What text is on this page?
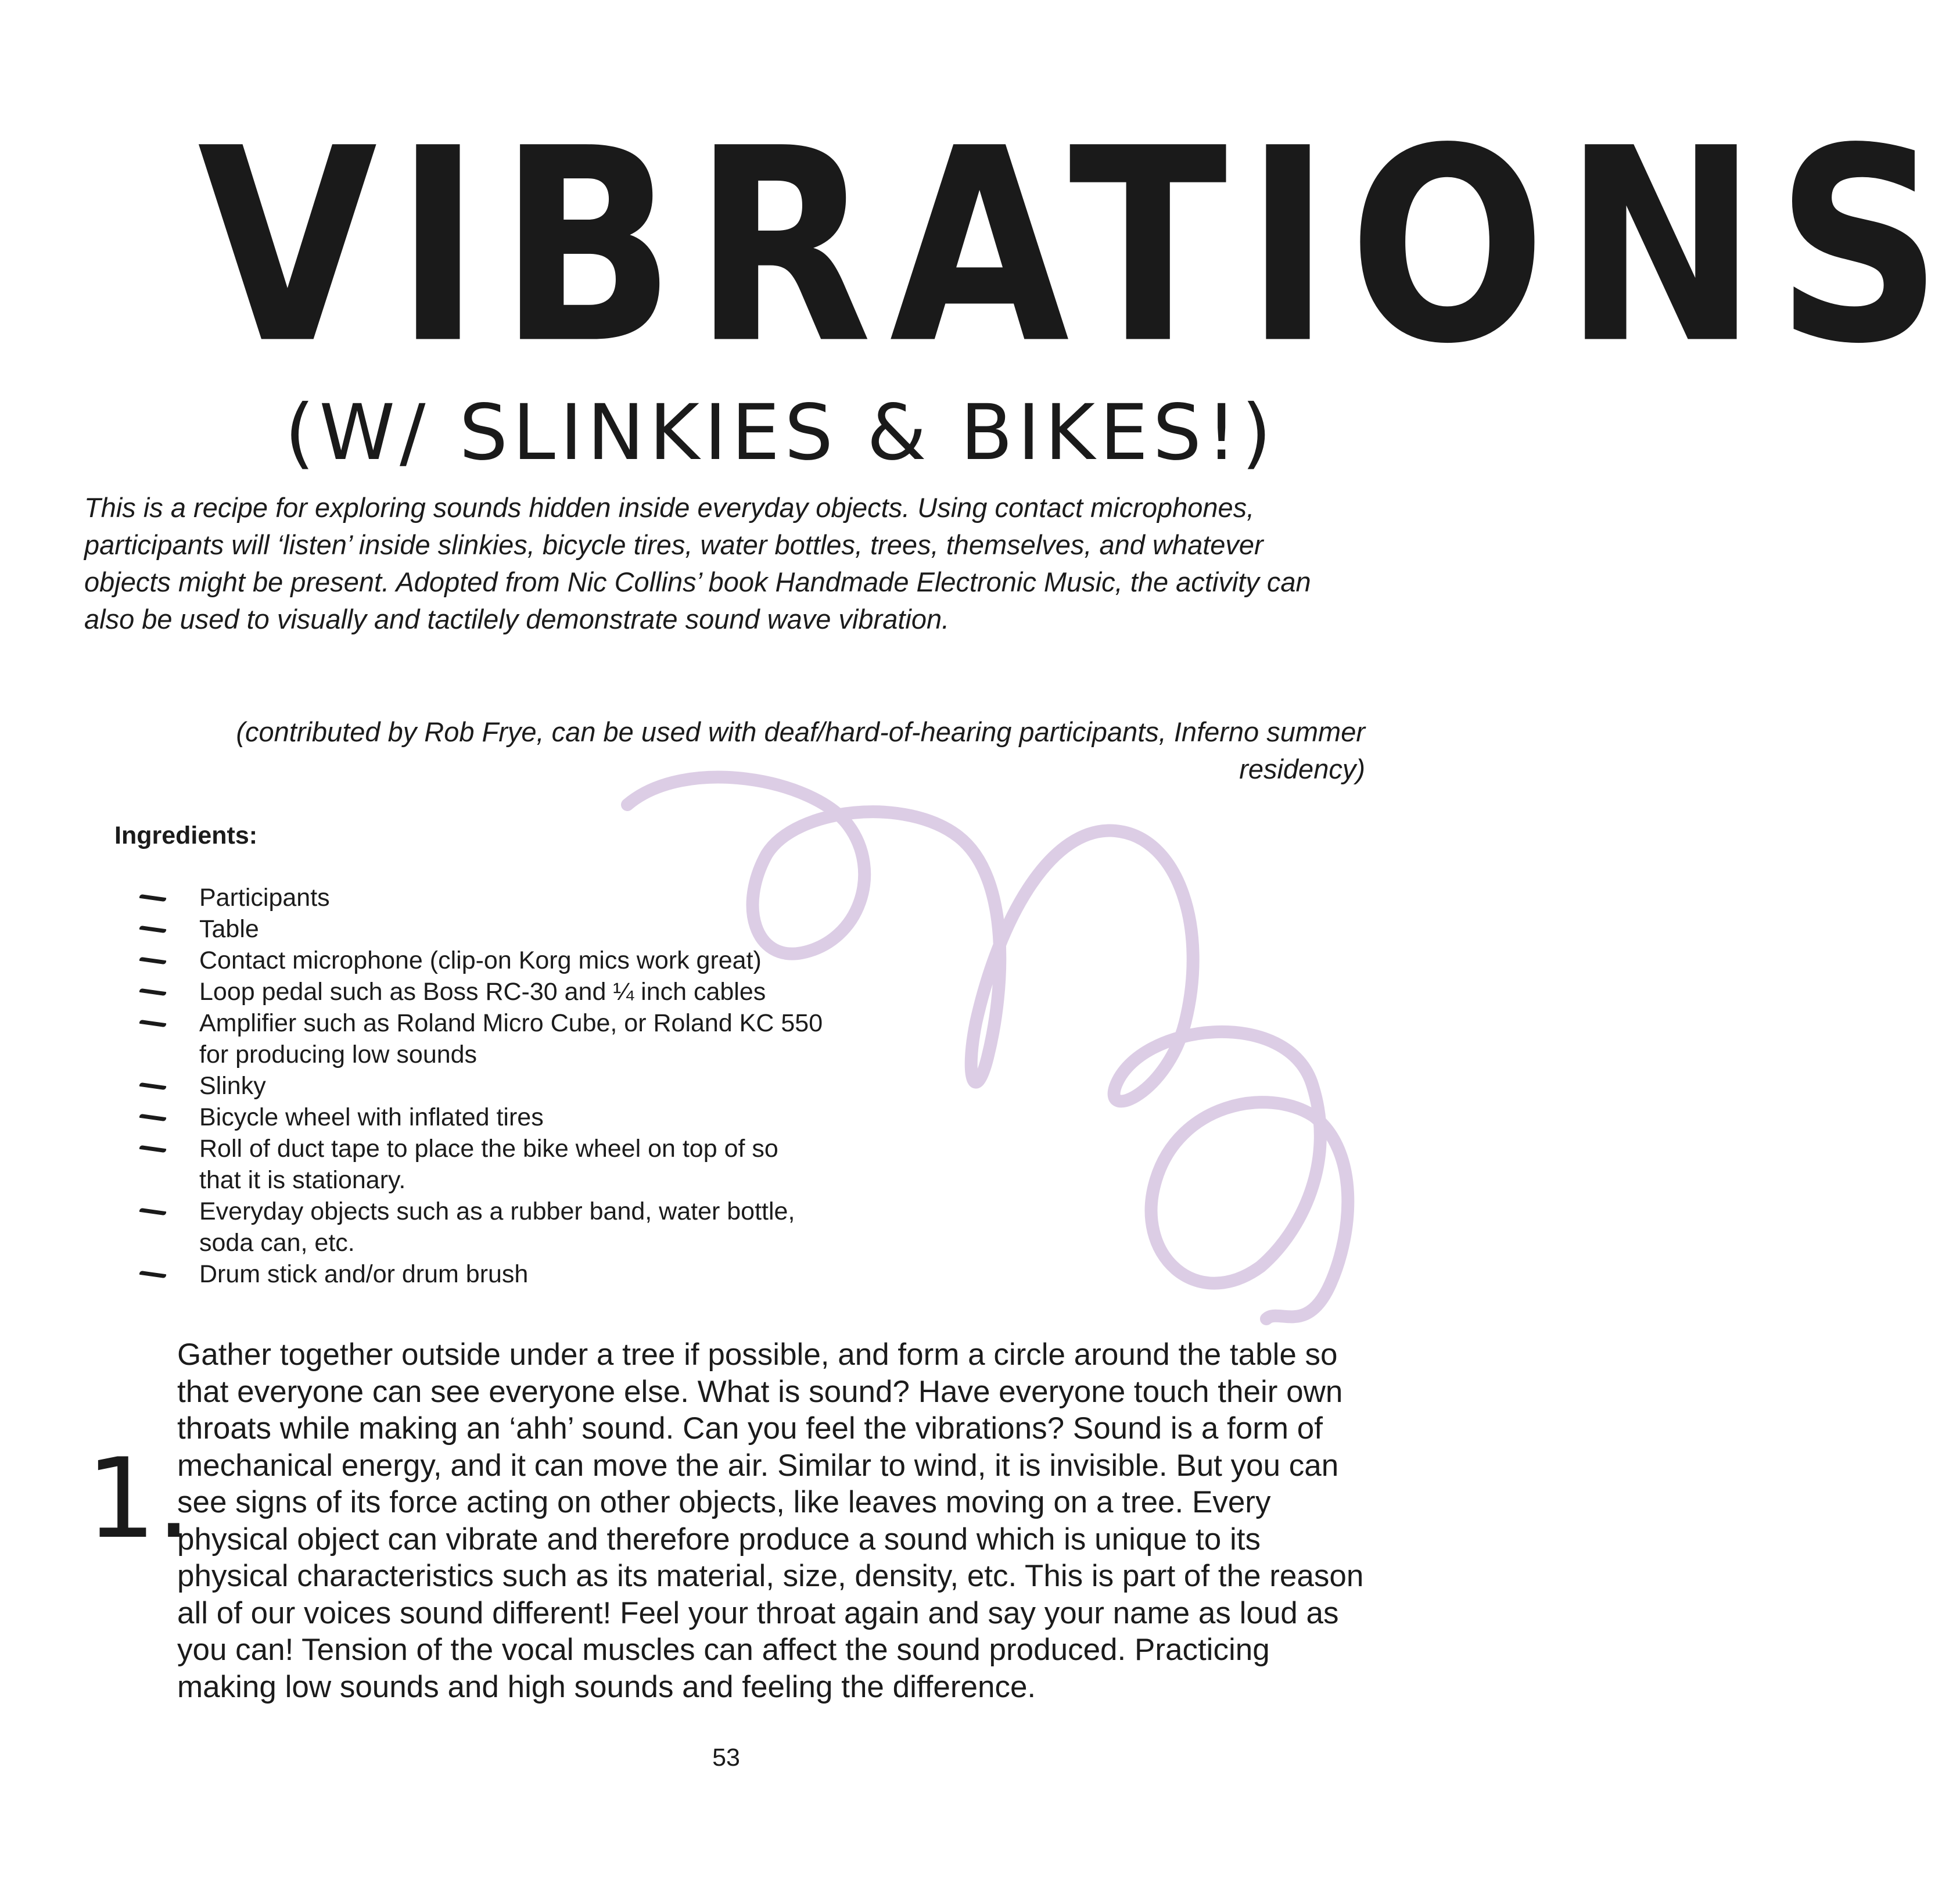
VIBRATIONS
(W/ SLINKIES & BIKES!)

This is a recipe for exploring sounds hidden inside everyday objects. Using contact microphones, participants will ‘listen’ inside slinkies, bicycle tires, water bottles, trees, themselves, and whatever objects might be present. Adopted from Nic Collins’ book Handmade Electronic Music, the activity can also be used to visually and tactilely demonstrate sound wave vibration.

(contributed by Rob Frye, can be used with deaf/hard-of-hearing participants, Inferno summer residency)

Ingredients:
Participants
Table
Contact microphone (clip-on Korg mics work great)
Loop pedal such as Boss RC-30 and ¼ inch cables
Amplifier such as Roland Micro Cube, or Roland KC 550 for producing low sounds
Slinky
Bicycle wheel with inflated tires
Roll of duct tape to place the bike wheel on top of so that it is stationary.
Everyday objects such as a rubber band, water bottle, soda can, etc.
Drum stick and/or drum brush
1.

Gather together outside under a tree if possible, and form a circle around the table so that everyone can see everyone else. What is sound? Have everyone touch their own throats while making an ‘ahh’ sound. Can you feel the vibrations? Sound is a form of mechanical energy, and it can move the air. Similar to wind, it is invisible. But you can see signs of its force acting on other objects, like leaves moving on a tree. Every physical object can vibrate and therefore produce a sound which is unique to its physical characteristics such as its material, size, density, etc. This is part of the reason all of our voices sound different! Feel your throat again and say your name as loud as you can! Tension of the vocal muscles can affect the sound produced. Practicing making low sounds and high sounds and feeling the difference.

53
